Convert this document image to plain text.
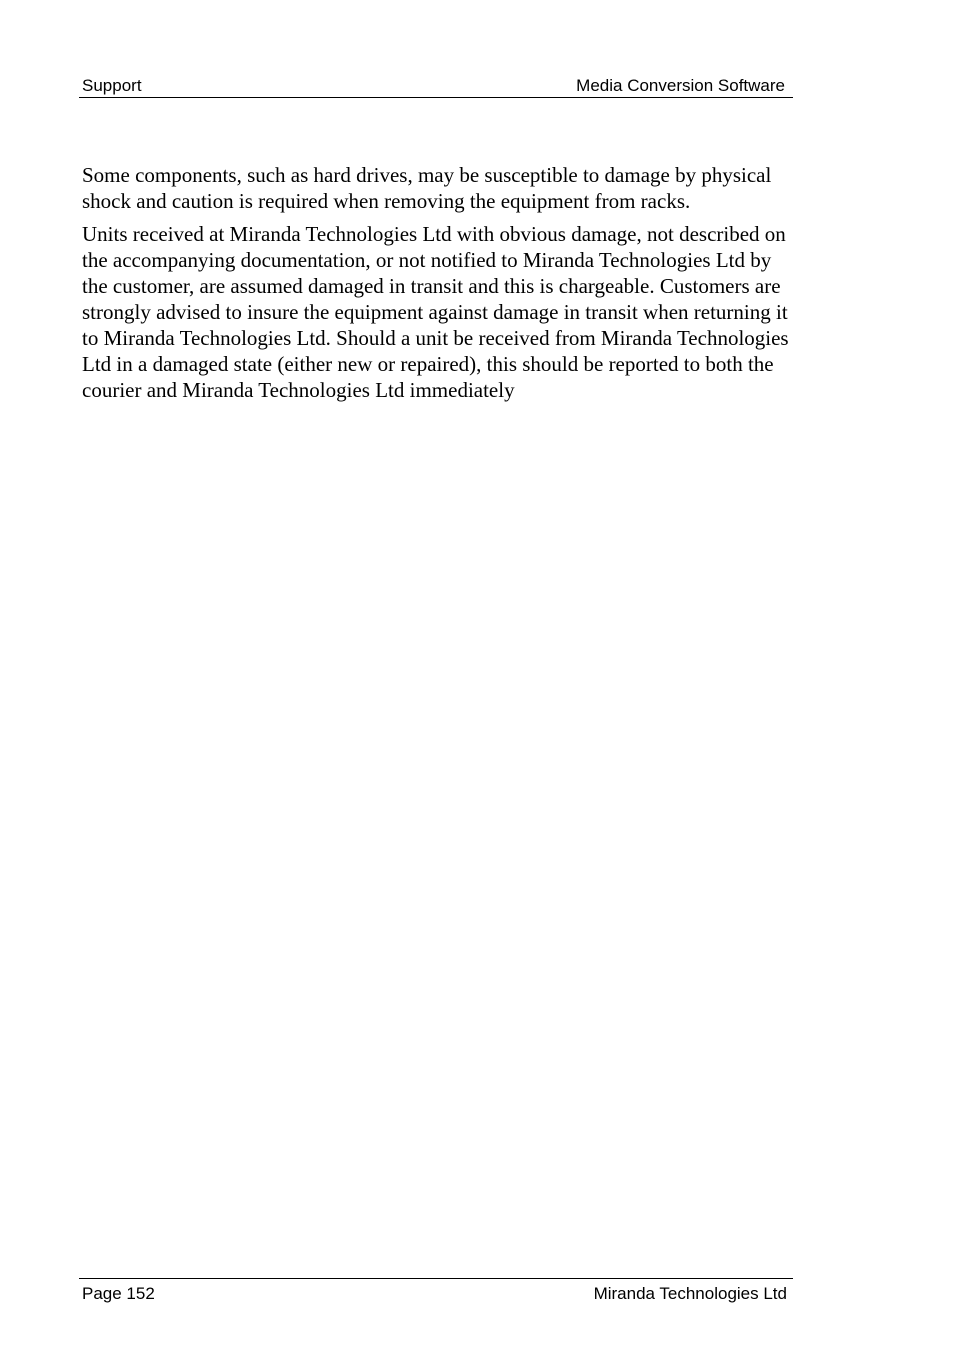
Support	Media Conversion Software

Some components, such as hard drives, may be susceptible to damage by physical shock and caution is required when removing the equipment from racks.

Units received at Miranda Technologies Ltd with obvious damage, not described on the accompanying documentation, or not notified to Miranda Technologies Ltd by the customer, are assumed damaged in transit and this is chargeable. Customers are strongly advised to insure the equipment against damage in transit when returning it to Miranda Technologies Ltd. Should a unit be received from Miranda Technologies Ltd in a damaged state (either new or repaired), this should be reported to both the courier and Miranda Technologies Ltd immediately

Page 152	Miranda Technologies Ltd
